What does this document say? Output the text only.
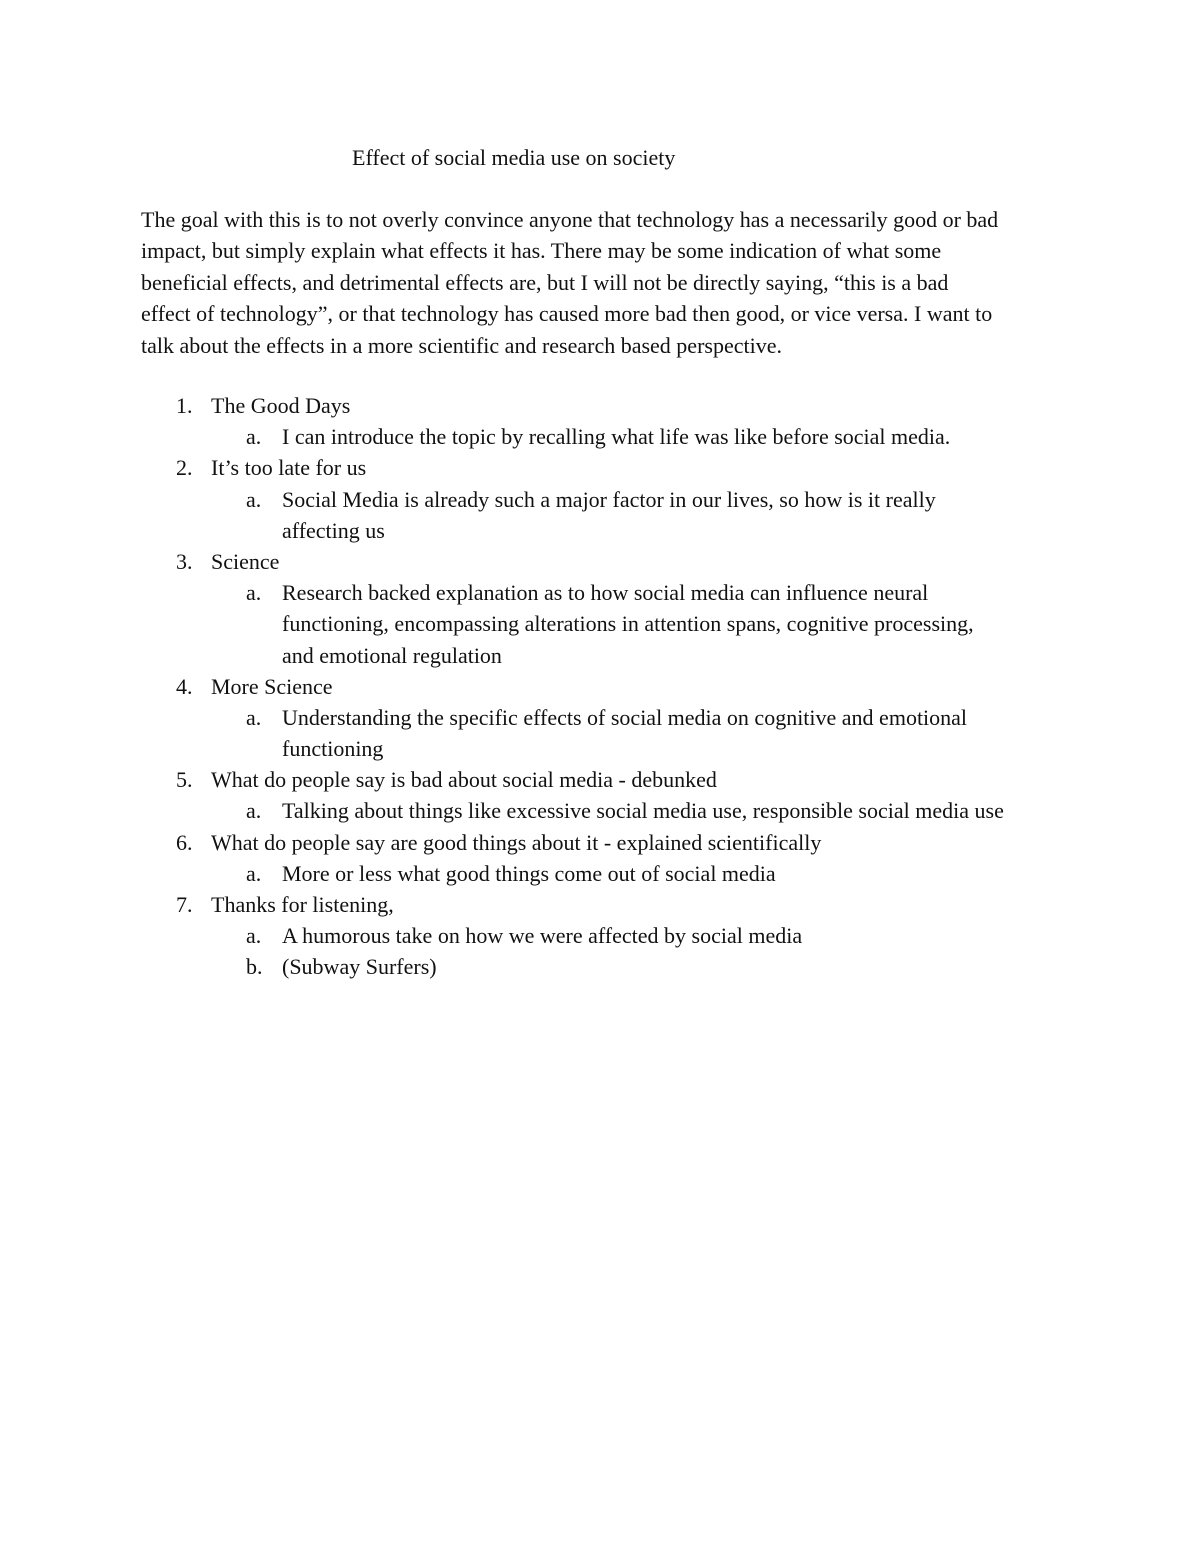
Effect of social media use on society
The goal with this is to not overly convince anyone that technology has a necessarily good or bad
impact, but simply explain what effects it has. There may be some indication of what some
beneficial effects, and detrimental effects are, but I will not be directly saying, “this is a bad
effect of technology”, or that technology has caused more bad then good, or vice versa. I want to
talk about the effects in a more scientific and research based perspective.
1. The Good Days
a. I can introduce the topic by recalling what life was like before social media.
2. It’s too late for us
a. Social Media is already such a major factor in our lives, so how is it really
affecting us
3. Science
a. Research backed explanation as to how social media can influence neural
functioning, encompassing alterations in attention spans, cognitive processing,
and emotional regulation
4. More Science
a. Understanding the specific effects of social media on cognitive and emotional
functioning
5. What do people say is bad about social media - debunked
a. Talking about things like excessive social media use, responsible social media use
6. What do people say are good things about it - explained scientifically
a. More or less what good things come out of social media
7. Thanks for listening,
a. A humorous take on how we were affected by social media
b. (Subway Surfers)
